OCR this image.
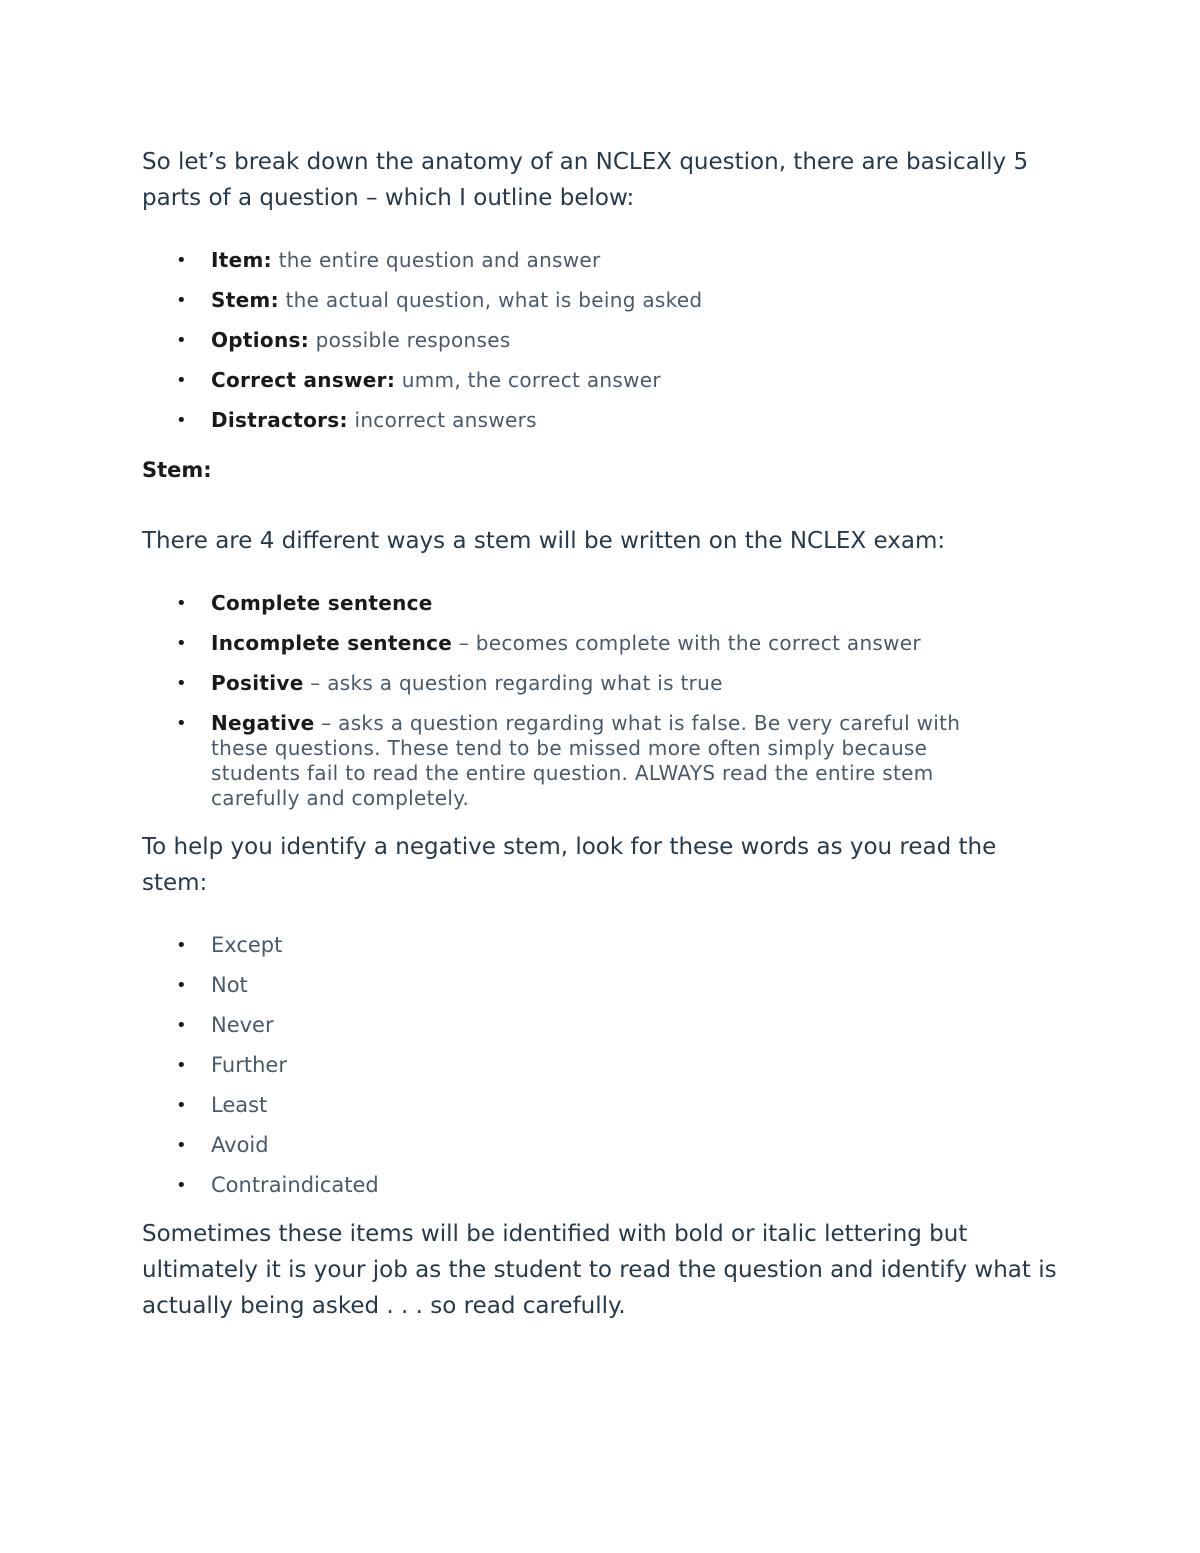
So let’s break down the anatomy of an NCLEX question, there are basically 5 parts of a question – which I outline below:

• Item: the entire question and answer
• Stem: the actual question, what is being asked
• Options: possible responses
• Correct answer: umm, the correct answer
• Distractors: incorrect answers
Stem:

There are 4 different ways a stem will be written on the NCLEX exam:

• Complete sentence
• Incomplete sentence – becomes complete with the correct answer
• Positive – asks a question regarding what is true
• Negative – asks a question regarding what is false. Be very careful with these questions. These tend to be missed more often simply because students fail to read the entire question. ALWAYS read the entire stem carefully and completely.

To help you identify a negative stem, look for these words as you read the stem:

• Except
• Not
• Never
• Further
• Least
• Avoid
• Contraindicated

Sometimes these items will be identified with bold or italic lettering but ultimately it is your job as the student to read the question and identify what is actually being asked . . . so read carefully.
